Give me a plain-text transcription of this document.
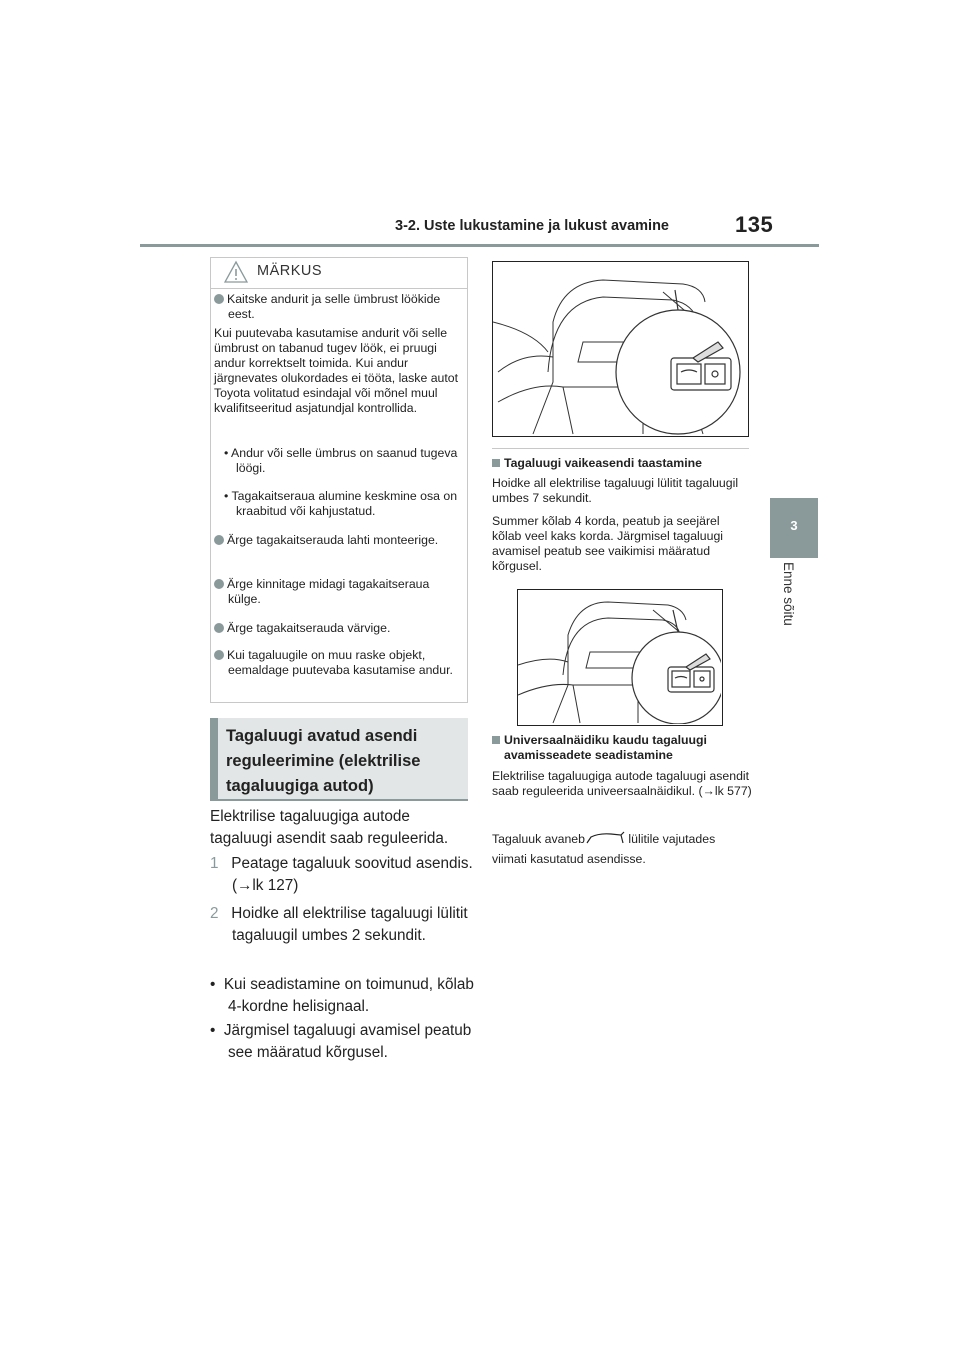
3-2. Uste lukustamine ja lukust avamine	135
3
Enne sõitu
MÄRKUS
Kaitske andurit ja selle ümbrust löökide eest.
Kui puutevaba kasutamise andurit või selle ümbrust on tabanud tugev löök, ei pruugi andur korrektselt toimida. Kui andur järgnevates olukordades ei tööta, laske autot Toyota volitatud esindajal või mõnel muul kvalifitseeritud asjatundjal kontrollida.
• Andur või selle ümbrus on saanud tugeva löögi.
• Tagakaitseraua alumine keskmine osa on kraabitud või kahjustatud.
Ärge tagakaitserauda lahti monteerige.
Ärge kinnitage midagi tagakaitseraua külge.
Ärge tagakaitserauda värvige.
Kui tagaluugile on muu raske objekt, eemaldage puutevaba kasutamise andur.
Tagaluugi avatud asendi reguleerimine (elektrilise tagaluugiga autod)
Elektrilise tagaluugiga autode tagaluugi asendit saab reguleerida.
1 Peatage tagaluuk soovitud asendis. (→lk 127)
2 Hoidke all elektrilise tagaluugi lülitit tagaluugil umbes 2 sekundit.
•  Kui seadistamine on toimunud, kõlab 4-kordne helisignaal.
•  Järgmisel tagaluugi avamisel peatub see määratud kõrgusel.
Tagaluugi vaikeasendi taastamine
Hoidke all elektrilise tagaluugi lülitit tagaluugil umbes 7 sekundit.
Summer kõlab 4 korda, peatub ja seejärel kõlab veel kaks korda. Järgmisel tagaluugi avamisel peatub see vaikimisi määratud kõrgusel.
Universaalnäidiku kaudu tagaluugi avamisseadete seadistamine
Elektrilise tagaluugiga autode tagaluugi asendit saab reguleerida univeersaalnäidikul. (→lk 577)
Tagaluuk avaneb	lülitile vajutades viimati kasutatud asendisse.
